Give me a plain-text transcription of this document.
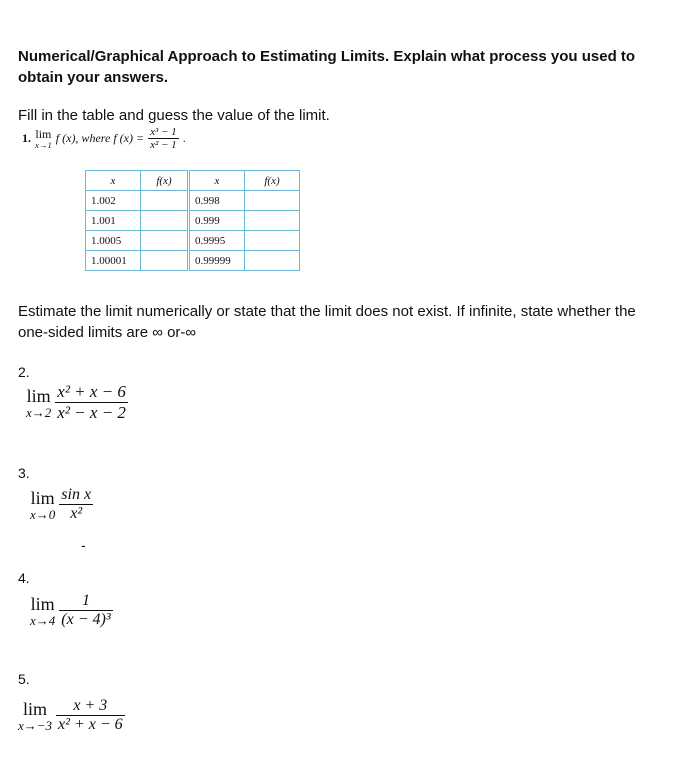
Numerical/Graphical Approach to Estimating Limits. Explain what process you used to obtain your answers.
Fill in the table and guess the value of the limit.
1. lim
x→1 f (x), where f $(x) = \frac{\text{x³ − 1}}{\text{x² − 1}}$ .
x	f(x)		x	f(x)
1.002			0.998	
1.001			0.999	
1.0005			0.9995	
1.00001			0.99999	
Estimate the limit numerically or state that the limit does not exist. If infinite, state whether the one-sided limits are ∞ or-∞
2.
lim
$x\to 2 \frac{\text{x² + x − 6}}{\text{x² − x − 2}}$
3.
lim
$x\to 0 \frac{\text{sin x}}{\text{x²}}$
-
4.
lim
$x\to 4 \frac{1}{\text{(x − 4)³}}$
5.
lim
$x\to-3 \frac{x + 3}{\text{x² + x − 6}}$
